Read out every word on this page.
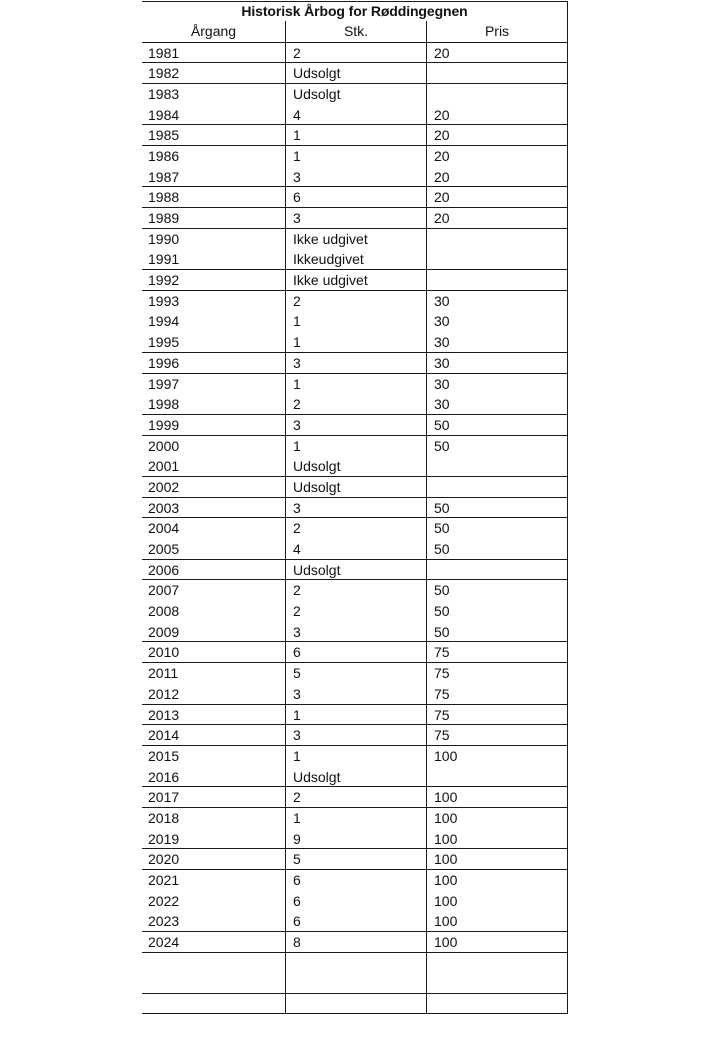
Historisk Årbog for Røddingegnen
Årgang	Stk.	Pris
1981	2	20
1982	Udsolgt
1983	Udsolgt
1984	4	20
1985	1	20
1986	1	20
1987	3	20
1988	6	20
1989	3	20
1990	Ikke udgivet
1991	Ikkeudgivet
1992	Ikke udgivet
1993	2	30
1994	1	30
1995	1	30
1996	3	30
1997	1	30
1998	2	30
1999	3	50
2000	1	50
2001	Udsolgt
2002	Udsolgt
2003	3	50
2004	2	50
2005	4	50
2006	Udsolgt
2007	2	50
2008	2	50
2009	3	50
2010	6	75
2011	5	75
2012	3	75
2013	1	75
2014	3	75
2015	1	100
2016	Udsolgt
2017	2	100
2018	1	100
2019	9	100
2020	5	100
2021	6	100
2022	6	100
2023	6	100
2024	8	100
